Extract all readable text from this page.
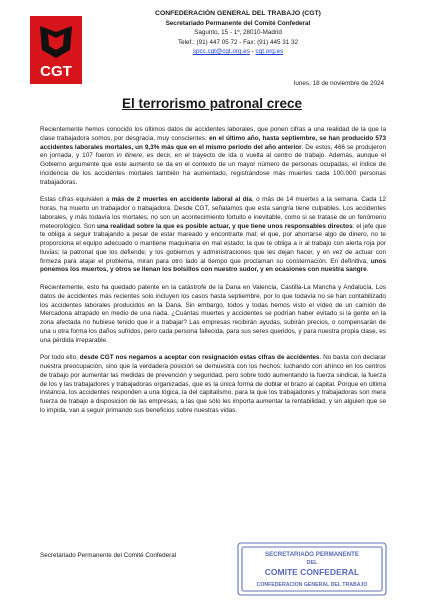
CGT
CONFEDERACIÓN GENERAL DEL TRABAJO (CGT)
Secretariado Permanente del Comité Confederal
Sagunto, 15 - 1º, 28010-Madrid
Telef.: (91) 447 05 72 - Fax: (91) 445 31 32
spcc.cgt@cgt.org.es - cgt.org.es
lunes, 18 de noviembre de 2024
El terrorismo patronal crece

Recientemente hemos conocido los últimos datos de accidentes laborales, que ponen cifras a una realidad de la que la clase trabajadora somos, por desgracia, muy conscientes: en el último año, hasta septiembre, se han producido 573 accidentes laborales mortales, un 9,3% más que en el mismo periodo del año anterior. De estos, 466 se produjeron en jornada, y 107 fueron in itinere, es decir, en el trayecto de ida o vuelta al centro de trabajo. Además, aunque el Gobierno argumente que este aumento se da en el contexto de un mayor número de personas ocupadas, el índice de incidencia de los accidentes mortales también ha aumentado, registrándose más muertes cada 100.000 personas trabajadoras.

Estas cifras equivalen a más de 2 muertes en accidente laboral al día, o más de 14 muertes a la semana. Cada 12 horas, ha muerto un trabajador o trabajadora. Desde CGT, señalamos que esta sangría tiene culpables. Los accidentes laborales, y más todavía los mortales, no son un acontecimiento fortuito e inevitable, como si se tratase de un fenómeno meteorológico. Son una realidad sobre la que es posible actuar, y que tiene unos responsables directos: el jefe que te obliga a seguir trabajando a pesar de estar mareado y encontrarte mal; el que, por ahorrarse algo de dinero, no te proporciona el equipo adecuado o mantiene maquinaria en mal estado; la que te obliga a ir al trabajo con alerta roja por lluvias; la patronal que los defiende; y los gobiernos y administraciones que les dejan hacer, y en vez de actuar con firmeza para atajar el problema, miran para otro lado al tiempo que proclaman su consternación. En definitiva, unos ponemos los muertos, y otros se llenan los bolsillos con nuestro sudor, y en ocasiones con nuestra sangre.

Recientemente, esto ha quedado patente en la catástrofe de la Dana en Valencia, Castilla-La Mancha y Andalucía. Los datos de accidentes más recientes solo incluyen los casos hasta septiembre, por lo que todavía no se han contabilizado los accidentes laborales producidos en la Dana. Sin embargo, todos y todas hemos visto el vídeo de un camión de Mercadona atrapado en medio de una riada. ¿Cuántas muertes y accidentes se podrían haber evitado si la gente en la zona afectada no hubiese tenido que ir a trabajar? Las empresas recibirán ayudas, subirán precios, o compensarán de una u otra forma los daños sufridos, pero cada persona fallecida, para sus seres queridos, y para nuestra propia clase, es una pérdida irreparable.

Por todo ello, desde CGT nos negamos a aceptar con resignación estas cifras de accidentes. No basta con declarar nuestra preocupación, sino que la verdadera posición se demuestra con los hechos: luchando con ahínco en los centros de trabajo por aumentar las medidas de prevención y seguridad, pero sobre todo aumentando la fuerza sindical, la fuerza de los y las trabajadores y trabajadoras organizadas, que es la única forma de doblar el brazo al capital. Porque en última instancia, los accidentes responden a una lógica, la del capitalismo, para la que los trabajadores y trabajadoras son mera fuerza de trabajo a disposición de las empresas, a las que sólo les importa aumentar la rentabilidad, y sin alguien que se lo impida, van a seguir primando sus beneficios sobre nuestras vidas.

Secretariado Permanente del Comité Confederal	SECRETARIADO PERMANENTE
DEL
COMITE CONFEDERAL
CONFEDERACION GENERAL DEL TRABAJO
